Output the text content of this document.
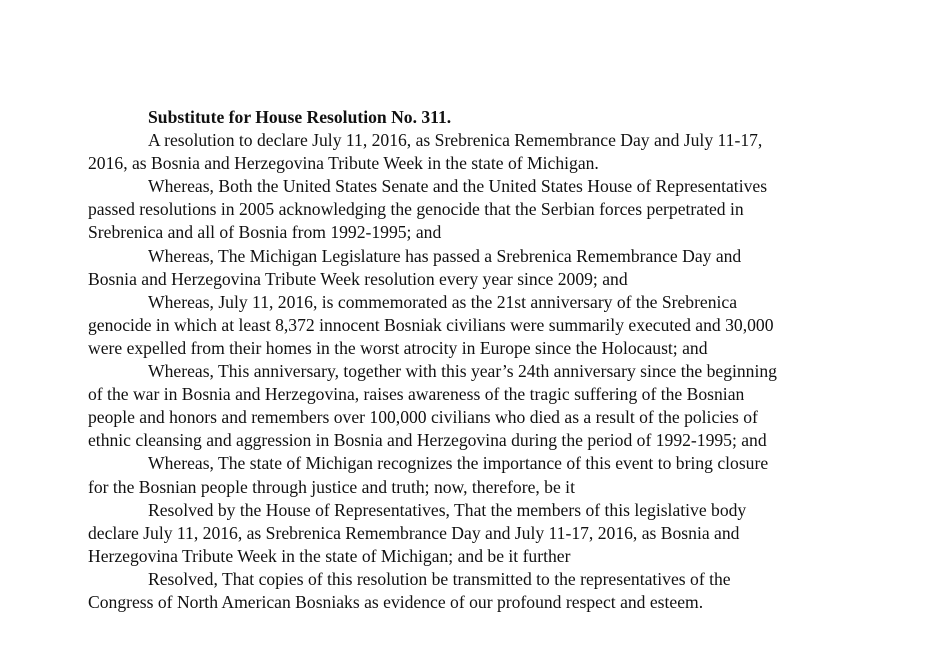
Substitute for House Resolution No. 311.

A resolution to declare July 11, 2016, as Srebrenica Remembrance Day and July 11-17,

2016, as Bosnia and Herzegovina Tribute Week in the state of Michigan.

Whereas, Both the United States Senate and the United States House of Representatives

passed resolutions in 2005 acknowledging the genocide that the Serbian forces perpetrated in

Srebrenica and all of Bosnia from 1992-1995; and

Whereas, The Michigan Legislature has passed a Srebrenica Remembrance Day and

Bosnia and Herzegovina Tribute Week resolution every year since 2009; and

Whereas, July 11, 2016, is commemorated as the 21st anniversary of the Srebrenica

genocide in which at least 8,372 innocent Bosniak civilians were summarily executed and 30,000

were expelled from their homes in the worst atrocity in Europe since the Holocaust; and

Whereas, This anniversary, together with this year’s 24th anniversary since the beginning

of the war in Bosnia and Herzegovina, raises awareness of the tragic suffering of the Bosnian

people and honors and remembers over 100,000 civilians who died as a result of the policies of

ethnic cleansing and aggression in Bosnia and Herzegovina during the period of 1992-1995; and

Whereas, The state of Michigan recognizes the importance of this event to bring closure

for the Bosnian people through justice and truth; now, therefore, be it

Resolved by the House of Representatives, That the members of this legislative body

declare July 11, 2016, as Srebrenica Remembrance Day and July 11-17, 2016, as Bosnia and

Herzegovina Tribute Week in the state of Michigan; and be it further

Resolved, That copies of this resolution be transmitted to the representatives of the

Congress of North American Bosniaks as evidence of our profound respect and esteem.
